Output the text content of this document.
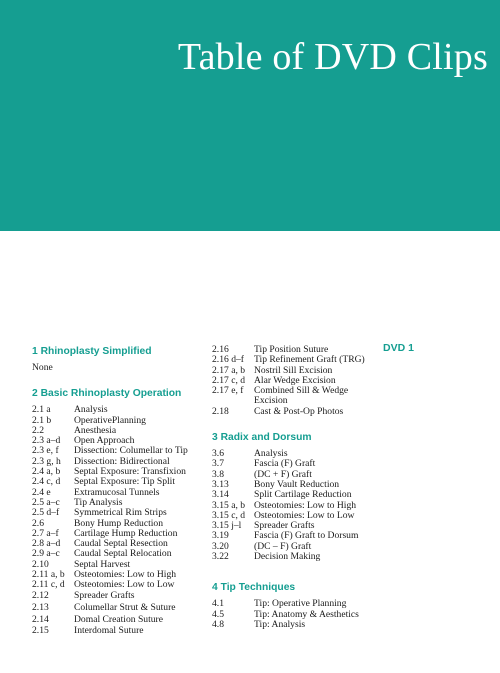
Table of DVD Clips
1 Rhinoplasty Simplified
None
2 Basic Rhinoplasty Operation
2.1 a	Analysis
2.1 b	OperativePlanning
2.2	Anesthesia
2.3 a–d	Open Approach
2.3 e, f	Dissection: Columellar to Tip
2.3 g, h	Dissection: Bidirectional
2.4 a, b	Septal Exposure: Transfixion
2.4 c, d	Septal Exposure: Tip Split
2.4 e	Extramucosal Tunnels
2.5 a–c	Tip Analysis
2.5 d–f	Symmetrical Rim Strips
2.6	Bony Hump Reduction
2.7 a–f	Cartilage Hump Reduction
2.8 a–d	Caudal Septal Resection
2.9 a–c	Caudal Septal Relocation
2.10	Septal Harvest
2.11 a, b Osteotomies: Low to High
2.11 c, d Osteotomies: Low to Low
2.12	Spreader Grafts
2.13	Columellar Strut & Suture
2.14	Domal Creation Suture
2.15	Interdomal Suture
2.16	Tip Position Suture
2.16 d–f	Tip Refinement Graft (TRG)
2.17 a, b Nostril Sill Excision
2.17 c, d Alar Wedge Excision
2.17 e, f	Combined Sill & Wedge Excision
2.18	Cast & Post-Op Photos
3 Radix and Dorsum
3.6	Analysis
3.7	Fascia (F) Graft
3.8	(DC + F) Graft
3.13	Bony Vault Reduction
3.14	Split Cartilage Reduction
3.15 a, b Osteotomies: Low to High
3.15 c, d Osteotomies: Low to Low
3.15 j–l	Spreader Grafts
3.19	Fascia (F) Graft to Dorsum
3.20	(DC – F) Graft
3.22	Decision Making
4 Tip Techniques
4.1	Tip: Operative Planning
4.5	Tip: Anatomy & Aesthetics
4.8	Tip: Analysis
DVD 1
